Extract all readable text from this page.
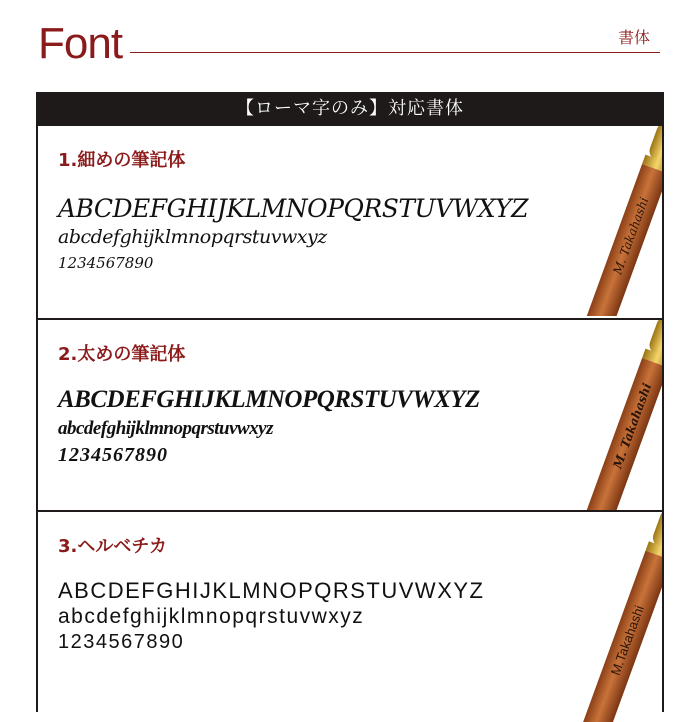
Font	書体
【ローマ字のみ】対応書体
1.細めの筆記体
ABCDEFGHIJKLMNOPQRSTUVWXYZ
abcdefghijklmnopqrstuvwxyz
1234567890	M. Takahashi
2.太めの筆記体
ABCDEFGHIJKLMNOPQRSTUVWXYZ
abcdefghijklmnopqrstuvwxyz
1234567890	M. Takahashi
3.ヘルベチカ
ABCDEFGHIJKLMNOPQRSTUVWXYZ
abcdefghijklmnopqrstuvwxyz
1234567890	M.Takahashi
